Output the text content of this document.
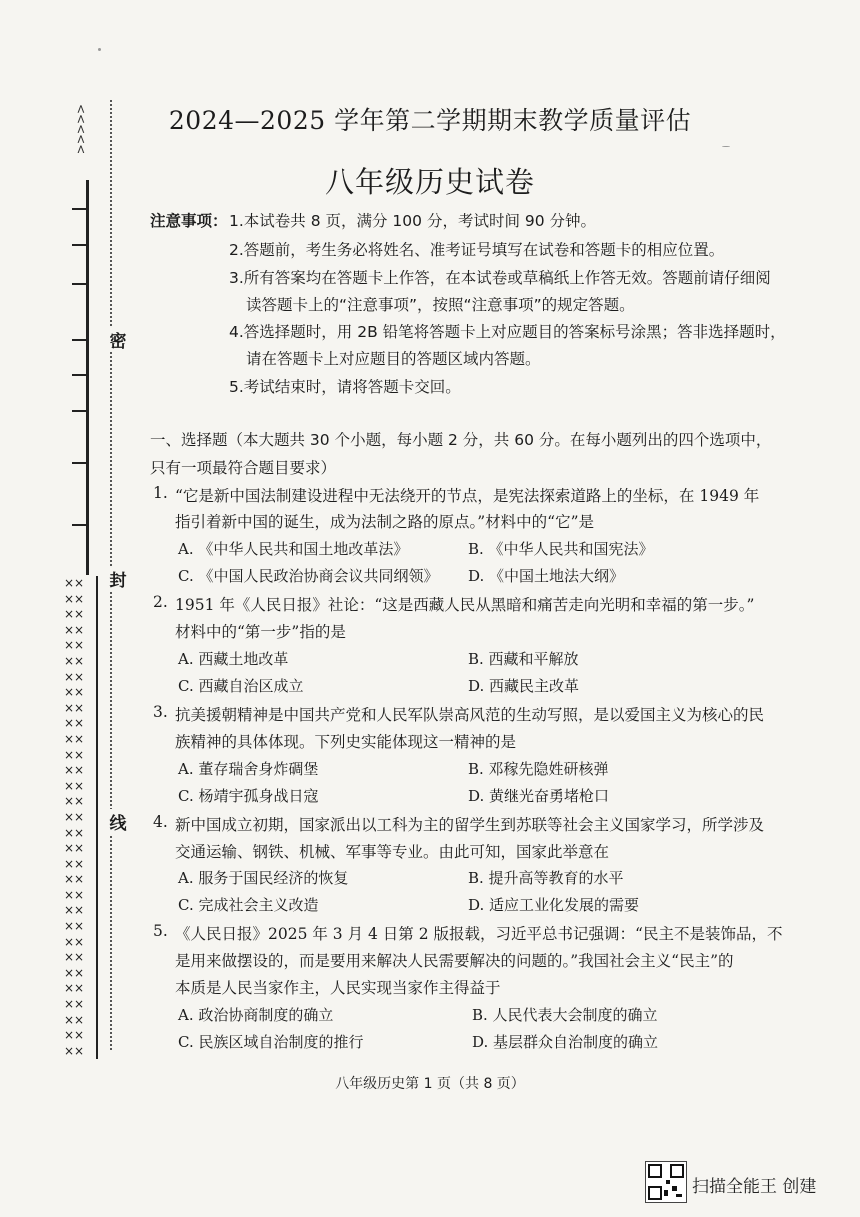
<<<<<
××
××
××
××
××
××
××
××
××
××
××
××
××
××
××
××
××
××
××
××
××
××
××
××
××
××
××
××
××
××
××
密
封
线
2024—2025 学年第二学期期末教学质量评估
八年级历史试卷
注意事项： 1.本试卷共 8 页，满分 100 分，考试时间 90 分钟。
2.答题前，考生务必将姓名、准考证号填写在试卷和答题卡的相应位置。
3.所有答案均在答题卡上作答，在本试卷或草稿纸上作答无效。答题前请仔细阅
读答题卡上的“注意事项”，按照“注意事项”的规定答题。
4.答选择题时，用 2B 铅笔将答题卡上对应题目的答案标号涂黑；答非选择题时，
请在答题卡上对应题目的答题区域内答题。
5.考试结束时，请将答题卡交回。
一、选择题（本大题共 30 个小题，每小题 2 分，共 60 分。在每小题列出的四个选项中，
只有一项最符合题目要求）
1. “它是新中国法制建设进程中无法绕开的节点，是宪法探索道路上的坐标，在 1949 年
指引着新中国的诞生，成为法制之路的原点。”材料中的“它”是
A. 《中华人民共和国土地改革法》	B. 《中华人民共和国宪法》
C. 《中国人民政治协商会议共同纲领》 D. 《中国土地法大纲》
2. 1951 年《人民日报》社论：“这是西藏人民从黑暗和痛苦走向光明和幸福的第一步。”
材料中的“第一步”指的是
A. 西藏土地改革	B. 西藏和平解放
C. 西藏自治区成立	D. 西藏民主改革
3. 抗美援朝精神是中国共产党和人民军队崇高风范的生动写照，是以爱国主义为核心的民
族精神的具体体现。下列史实能体现这一精神的是
A. 董存瑞舍身炸碉堡	B. 邓稼先隐姓研核弹
C. 杨靖宇孤身战日寇	D. 黄继光奋勇堵枪口
4. 新中国成立初期，国家派出以工科为主的留学生到苏联等社会主义国家学习，所学涉及
交通运输、钢铁、机械、军事等专业。由此可知，国家此举意在
A. 服务于国民经济的恢复	B. 提升高等教育的水平
C. 完成社会主义改造	D. 适应工业化发展的需要
5. 《人民日报》2025 年 3 月 4 日第 2 版报载，习近平总书记强调：“民主不是装饰品，不
是用来做摆设的，而是要用来解决人民需要解决的问题的。”我国社会主义“民主”的
本质是人民当家作主，人民实现当家作主得益于
A. 政治协商制度的确立	B. 人民代表大会制度的确立
C. 民族区域自治制度的推行	D. 基层群众自治制度的确立
八年级历史第 1 页（共 8 页）
扫描全能王 创建
